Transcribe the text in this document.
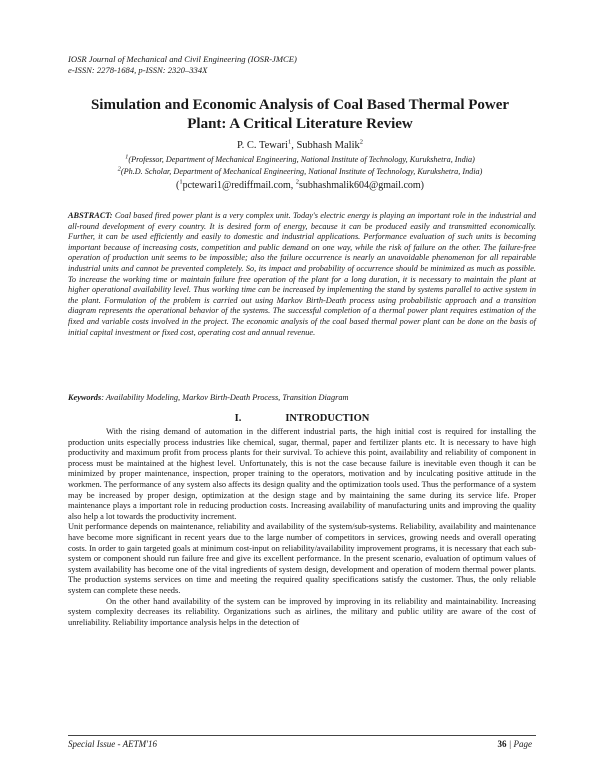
IOSR Journal of Mechanical and Civil Engineering (IOSR-JMCE)
e-ISSN: 2278-1684, p-ISSN: 2320–334X
Simulation and Economic Analysis of Coal Based Thermal Power
Plant: A Critical Literature Review
P. C. Tewari$^1$, Subhash Malik$^2$
$^1$(Professor, Department of Mechanical Engineering, National Institute of Technology, Kurukshetra, India)
$^2$(Ph.D. Scholar, Department of Mechanical Engineering, National Institute of Technology, Kurukshetra, India)
($^1$pctewari1@rediffmail.com, $^2$subhashmalik604@gmail.com)
ABSTRACT: Coal based fired power plant is a very complex unit. Today's electric energy is playing an important role in the industrial and all-round development of every country. It is desired form of energy, because it can be produced easily and transmitted economically. Further, it can be used efficiently and easily to domestic and industrial applications. Performance evaluation of such units is becoming important because of increasing costs, competition and public demand on one way, while the risk of failure on the other. The failure-free operation of production unit seems to be impossible; also the failure occurrence is nearly an unavoidable phenomenon for all repairable industrial units and cannot be prevented completely. So, its impact and probability of occurrence should be minimized as much as possible. To increase the working time or maintain failure free operation of the plant for a long duration, it is necessary to maintain the plant at higher operational availability level. Thus working time can be increased by implementing the stand by systems parallel to active system in the plant. Formulation of the problem is carried out using Markov Birth-Death process using probabilistic approach and a transition diagram represents the operational behavior of the systems. The successful completion of a thermal power plant requires estimation of the fixed and variable costs involved in the project. The economic analysis of the coal based thermal power plant can be done on the basis of initial capital investment or fixed cost, operating cost and annual revenue.
Keywords: Availability Modeling, Markov Birth-Death Process, Transition Diagram
I.	INTRODUCTION

With the rising demand of automation in the different industrial parts, the high initial cost is required for installing the production units especially process industries like chemical, sugar, thermal, paper and fertilizer plants etc. It is necessary to have high productivity and maximum profit from process plants for their survival. To achieve this point, availability and reliability of component in process must be maintained at the highest level. Unfortunately, this is not the case because failure is inevitable even though it can be minimized by proper maintenance, inspection, proper training to the operators, motivation and by inculcating positive attitude in the workmen. The performance of any system also affects its design quality and the optimization tools used. Thus the performance of a system may be increased by proper design, optimization at the design stage and by maintaining the same during its service life. Proper maintenance plays a important role in reducing production costs. Increasing availability of manufacturing units and improving the quality also help a lot towards the productivity increment.

Unit performance depends on maintenance, reliability and availability of the system/sub-systems. Reliability, availability and maintenance have become more significant in recent years due to the large number of competitors in services, growing needs and overall operating costs. In order to gain targeted goals at minimum cost-input on reliability/availability improvement programs, it is necessary that each sub-system or component should run failure free and give its excellent performance. In the present scenario, evaluation of optimum values of system availability has become one of the vital ingredients of system design, development and operation of modern thermal power plants. The production systems services on time and meeting the required quality specifications satisfy the customer. Thus, the only reliable system can complete these needs.

On the other hand availability of the system can be improved by improving in its reliability and maintainability. Increasing system complexity decreases its reliability. Organizations such as airlines, the military and public utility are aware of the cost of unreliability. Reliability importance analysis helps in the detection of

Special Issue - AETM'16	36 | Page
